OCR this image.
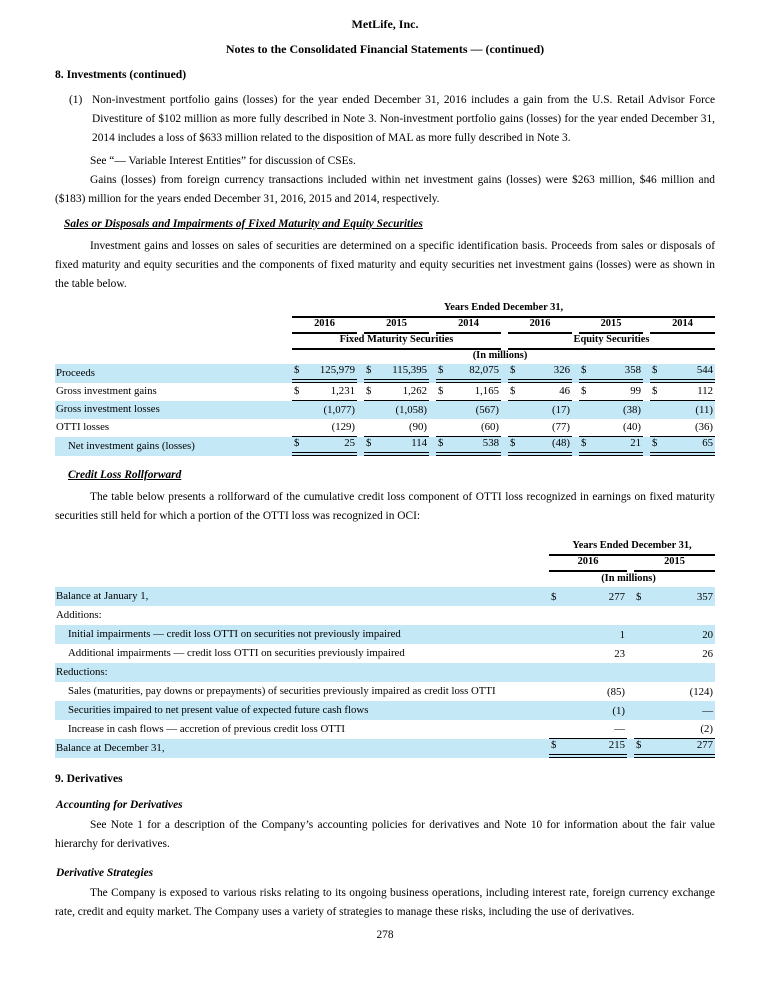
MetLife, Inc.
Notes to the Consolidated Financial Statements — (continued)
8. Investments (continued)
(1) Non-investment portfolio gains (losses) for the year ended December 31, 2016 includes a gain from the U.S. Retail Advisor Force Divestiture of $102 million as more fully described in Note 3. Non-investment portfolio gains (losses) for the year ended December 31, 2014 includes a loss of $633 million related to the disposition of MAL as more fully described in Note 3.
See “— Variable Interest Entities” for discussion of CSEs.
Gains (losses) from foreign currency transactions included within net investment gains (losses) were $263 million, $46 million and ($183) million for the years ended December 31, 2016, 2015 and 2014, respectively.
Sales or Disposals and Impairments of Fixed Maturity and Equity Securities
Investment gains and losses on sales of securities are determined on a specific identification basis. Proceeds from sales or disposals of fixed maturity and equity securities and the components of fixed maturity and equity securities net investment gains (losses) were as shown in the table below.

	Years Ended December 31,					

	2016	2015	2014	2016	2015	2014

	Fixed Maturity Securities			Equity Securities		

	(In millions)					
Proceeds	$ 125,979	$ 115,395	$ 82,075	$ 326	$ 358	$ 544

Gross investment gains	$ 1,231	$ 1,262	$ 1,165	$ 46	$ 99	$ 112

Gross investment losses	(1,077)	(1,058)	(567)	(17)	(38)	(11)

OTTI losses	(129)	(90)	(60)	(77)	(40)	(36)

Net investment gains (losses)	$ 25	$ 114	$ 538	$ (48)	$ 21	$ 65
Credit Loss Rollforward
The table below presents a rollforward of the cumulative credit loss component of OTTI loss recognized in earnings on fixed maturity securities still held for which a portion of the OTTI loss was recognized in OCI:

	Years Ended December 31,	

	2016	2015

	(In millions)	
Balance at January 1,	$ 277	$ 357

Additions:	

Initial impairments — credit loss OTTI on securities not previously impaired	1	20

Additional impairments — credit loss OTTI on securities previously impaired	23	26

Reductions:	

Sales (maturities, pay downs or prepayments) of securities previously impaired as credit loss OTTI	(85)	(124)

Securities impaired to net present value of expected future cash flows	(1)	—

Increase in cash flows — accretion of previous credit loss OTTI	—	(2)

Balance at December 31,	$ 215	$ 277
9. Derivatives
Accounting for Derivatives
See Note 1 for a description of the Company’s accounting policies for derivatives and Note 10 for information about the fair value hierarchy for derivatives.
Derivative Strategies
The Company is exposed to various risks relating to its ongoing business operations, including interest rate, foreign currency exchange rate, credit and equity market. The Company uses a variety of strategies to manage these risks, including the use of derivatives.
278
